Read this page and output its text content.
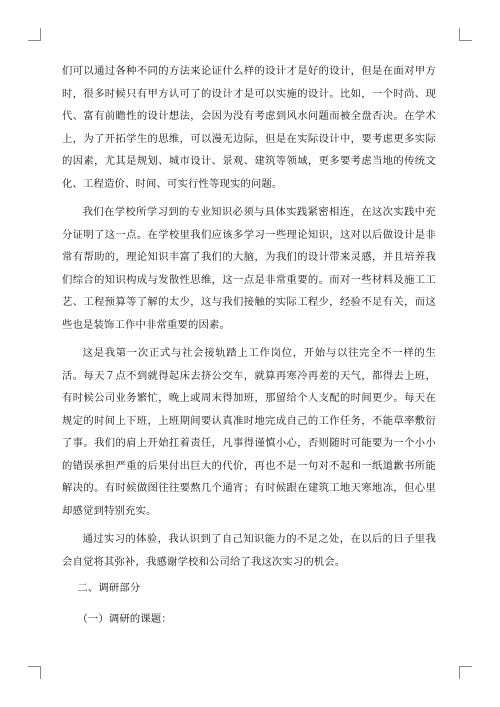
们可以通过各种不同的方法来论证什么样的设计才是好的设计，但是在面对甲方时，很多时候只有甲方认可了的设计才是可以实施的设计。比如，一个时尚、现代、富有前瞻性的设计想法，会因为没有考虑到风水问题而被全盘否决。在学术上，为了开拓学生的思维，可以漫无边际，但是在实际设计中，要考虑更多实际的因素，尤其是规划、城市设计、景观、建筑等领域，更多要考虑当地的传统文化、工程造价、时间、可实行性等现实的问题。

我们在学校所学习到的专业知识必须与具体实践紧密相连，在这次实践中充分证明了这一点。在学校里我们应该多学习一些理论知识，这对以后做设计是非常有帮助的，理论知识丰富了我们的大脑，为我们的设计带来灵感，并且培养我们综合的知识构成与发散性思维，这一点是非常重要的。而对一些材料及施工工艺、工程预算等了解的太少，这与我们接触的实际工程少，经验不足有关，而这些也是装饰工作中非常重要的因素。

这是我第一次正式与社会接轨踏上工作岗位，开始与以往完全不一样的生活。每天７点不到就得起床去挤公交车，就算再寒冷再差的天气，都得去上班，有时候公司业务繁忙，晚上或周末得加班，那留给个人支配的时间更少。每天在规定的时间上下班，上班期间要认真准时地完成自己的工作任务，不能草率敷衍了事。我们的肩上开始扛着责任，凡事得谨慎小心，否则随时可能要为一个小小的错误承担严重的后果付出巨大的代价，再也不是一句对不起和一纸道歉书所能解决的。有时候做图往往要熬几个通宵；有时候跟在建筑工地天寒地冻，但心里却感觉到特别充实。

通过实习的体验，我认识到了自己知识能力的不足之处，在以后的日子里我会自觉将其弥补，我感谢学校和公司给了我这次实习的机会。

二、调研部分

（一）调研的课题：
